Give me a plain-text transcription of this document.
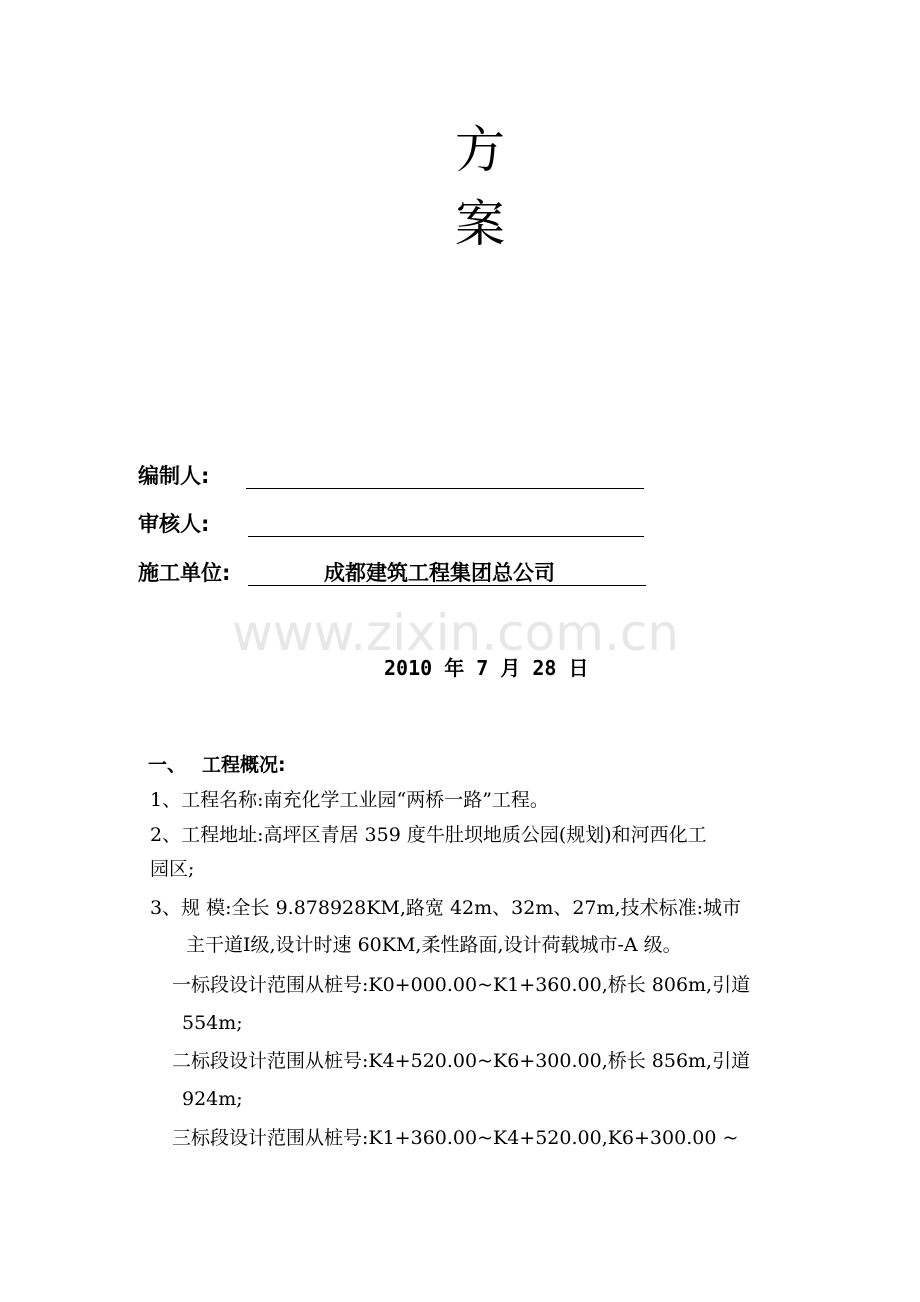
方
案
编制人:
审核人:
施工单位:	成都建筑工程集团总公司
www.zixin.com.cn
2010 年 7 月 28 日
一、 工程概况:
1、工程名称:南充化学工业园“两桥一路”工程。
2、工程地址:高坪区青居 359 度牛肚坝地质公园(规划)和河西化工
园区;
3、规 模:全长 9.878928KM,路宽 42m、32m、27m,技术标准:城市
主干道Ⅰ级,设计时速 60KM,柔性路面,设计荷载城市-A 级。
一标段设计范围从桩号:K0+000.00~K1+360.00,桥长 806m,引道
554m;
二标段设计范围从桩号:K4+520.00~K6+300.00,桥长 856m,引道
924m;
三标段设计范围从桩号:K1+360.00~K4+520.00,K6+300.00 ~
